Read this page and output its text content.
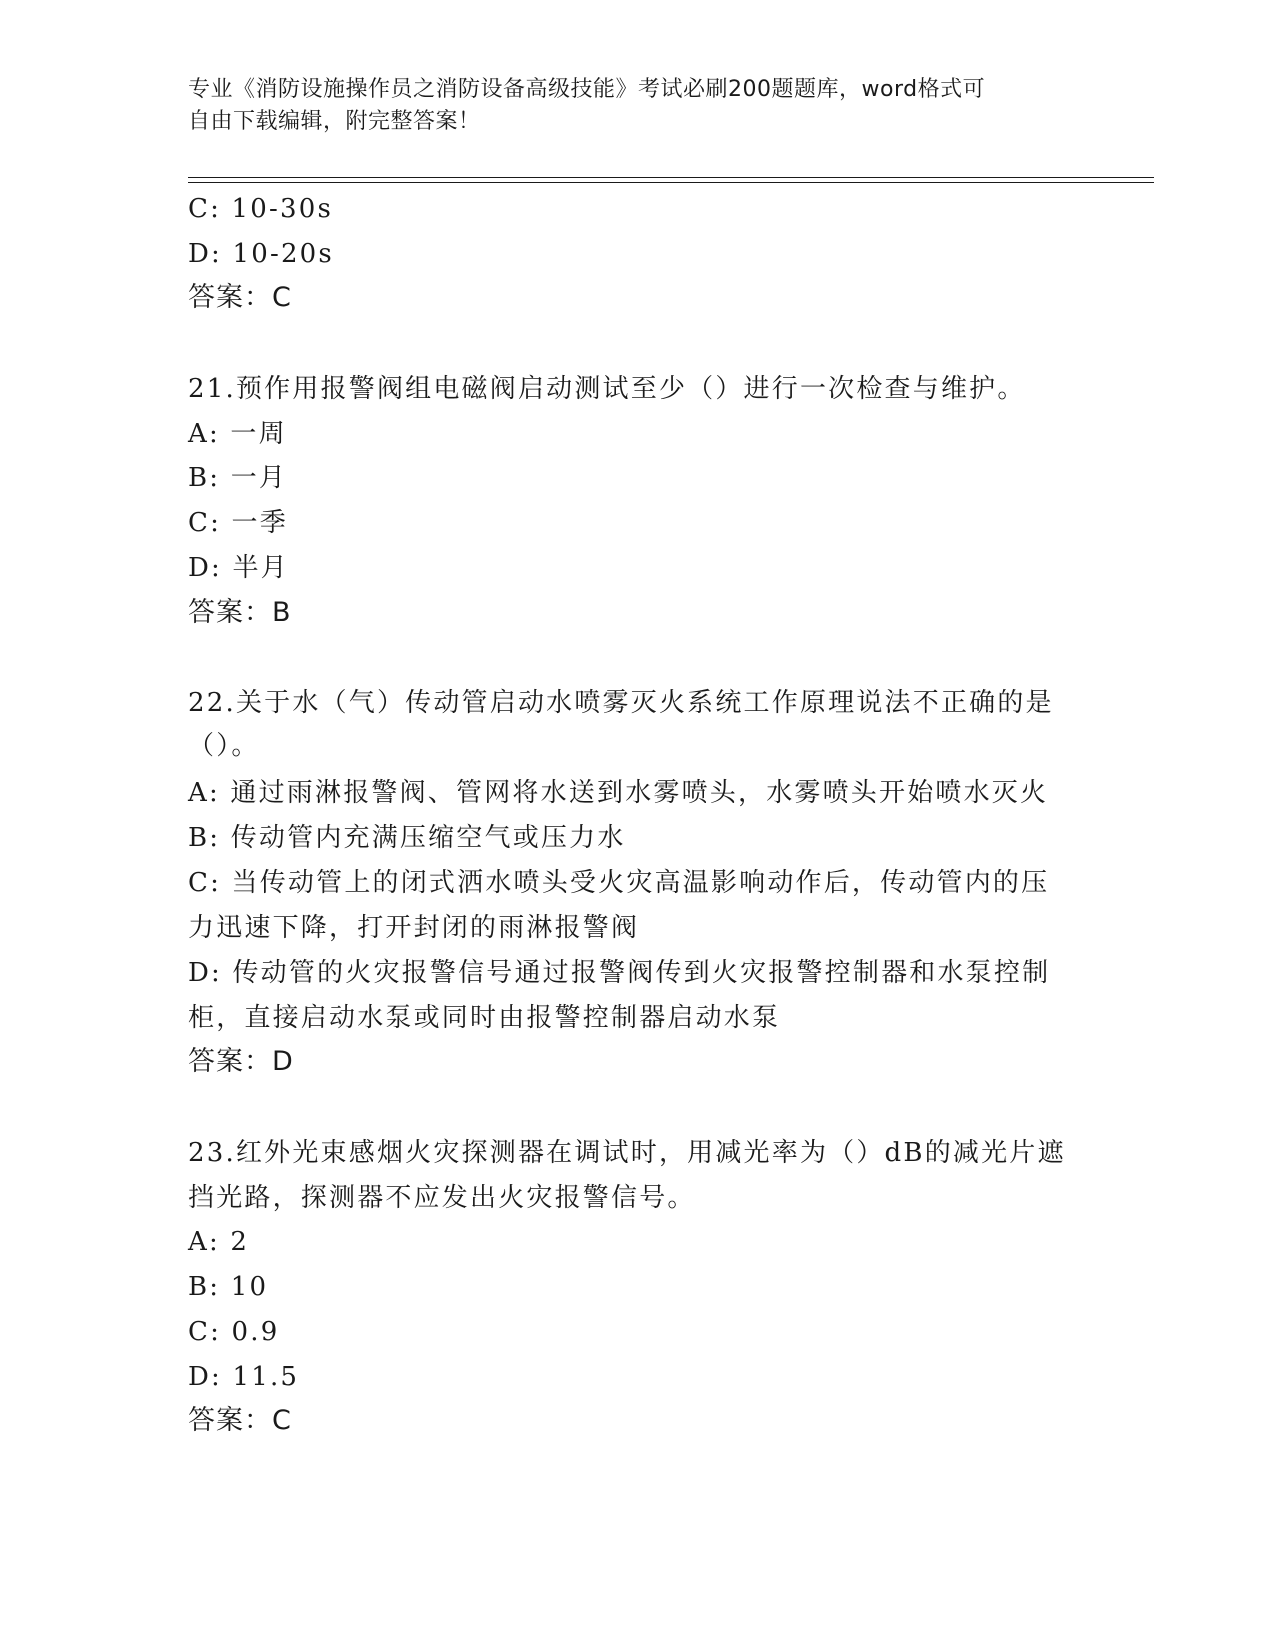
专业《消防设施操作员之消防设备高级技能》考试必刷200题题库，word格式可
自由下载编辑，附完整答案！
C: 10-30s
D: 10-20s
答案：C
21.预作用报警阀组电磁阀启动测试至少（）进行一次检查与维护。
A: 一周
B: 一月
C: 一季
D: 半月
答案：B
22.关于水（气）传动管启动水喷雾灭火系统工作原理说法不正确的是
（）。
A: 通过雨淋报警阀、管网将水送到水雾喷头，水雾喷头开始喷水灭火
B: 传动管内充满压缩空气或压力水
C: 当传动管上的闭式洒水喷头受火灾高温影响动作后，传动管内的压
力迅速下降，打开封闭的雨淋报警阀
D: 传动管的火灾报警信号通过报警阀传到火灾报警控制器和水泵控制
柜，直接启动水泵或同时由报警控制器启动水泵
答案：D
23.红外光束感烟火灾探测器在调试时，用减光率为（）dB的减光片遮
挡光路，探测器不应发出火灾报警信号。
A: 2
B: 10
C: 0.9
D: 11.5
答案：C
